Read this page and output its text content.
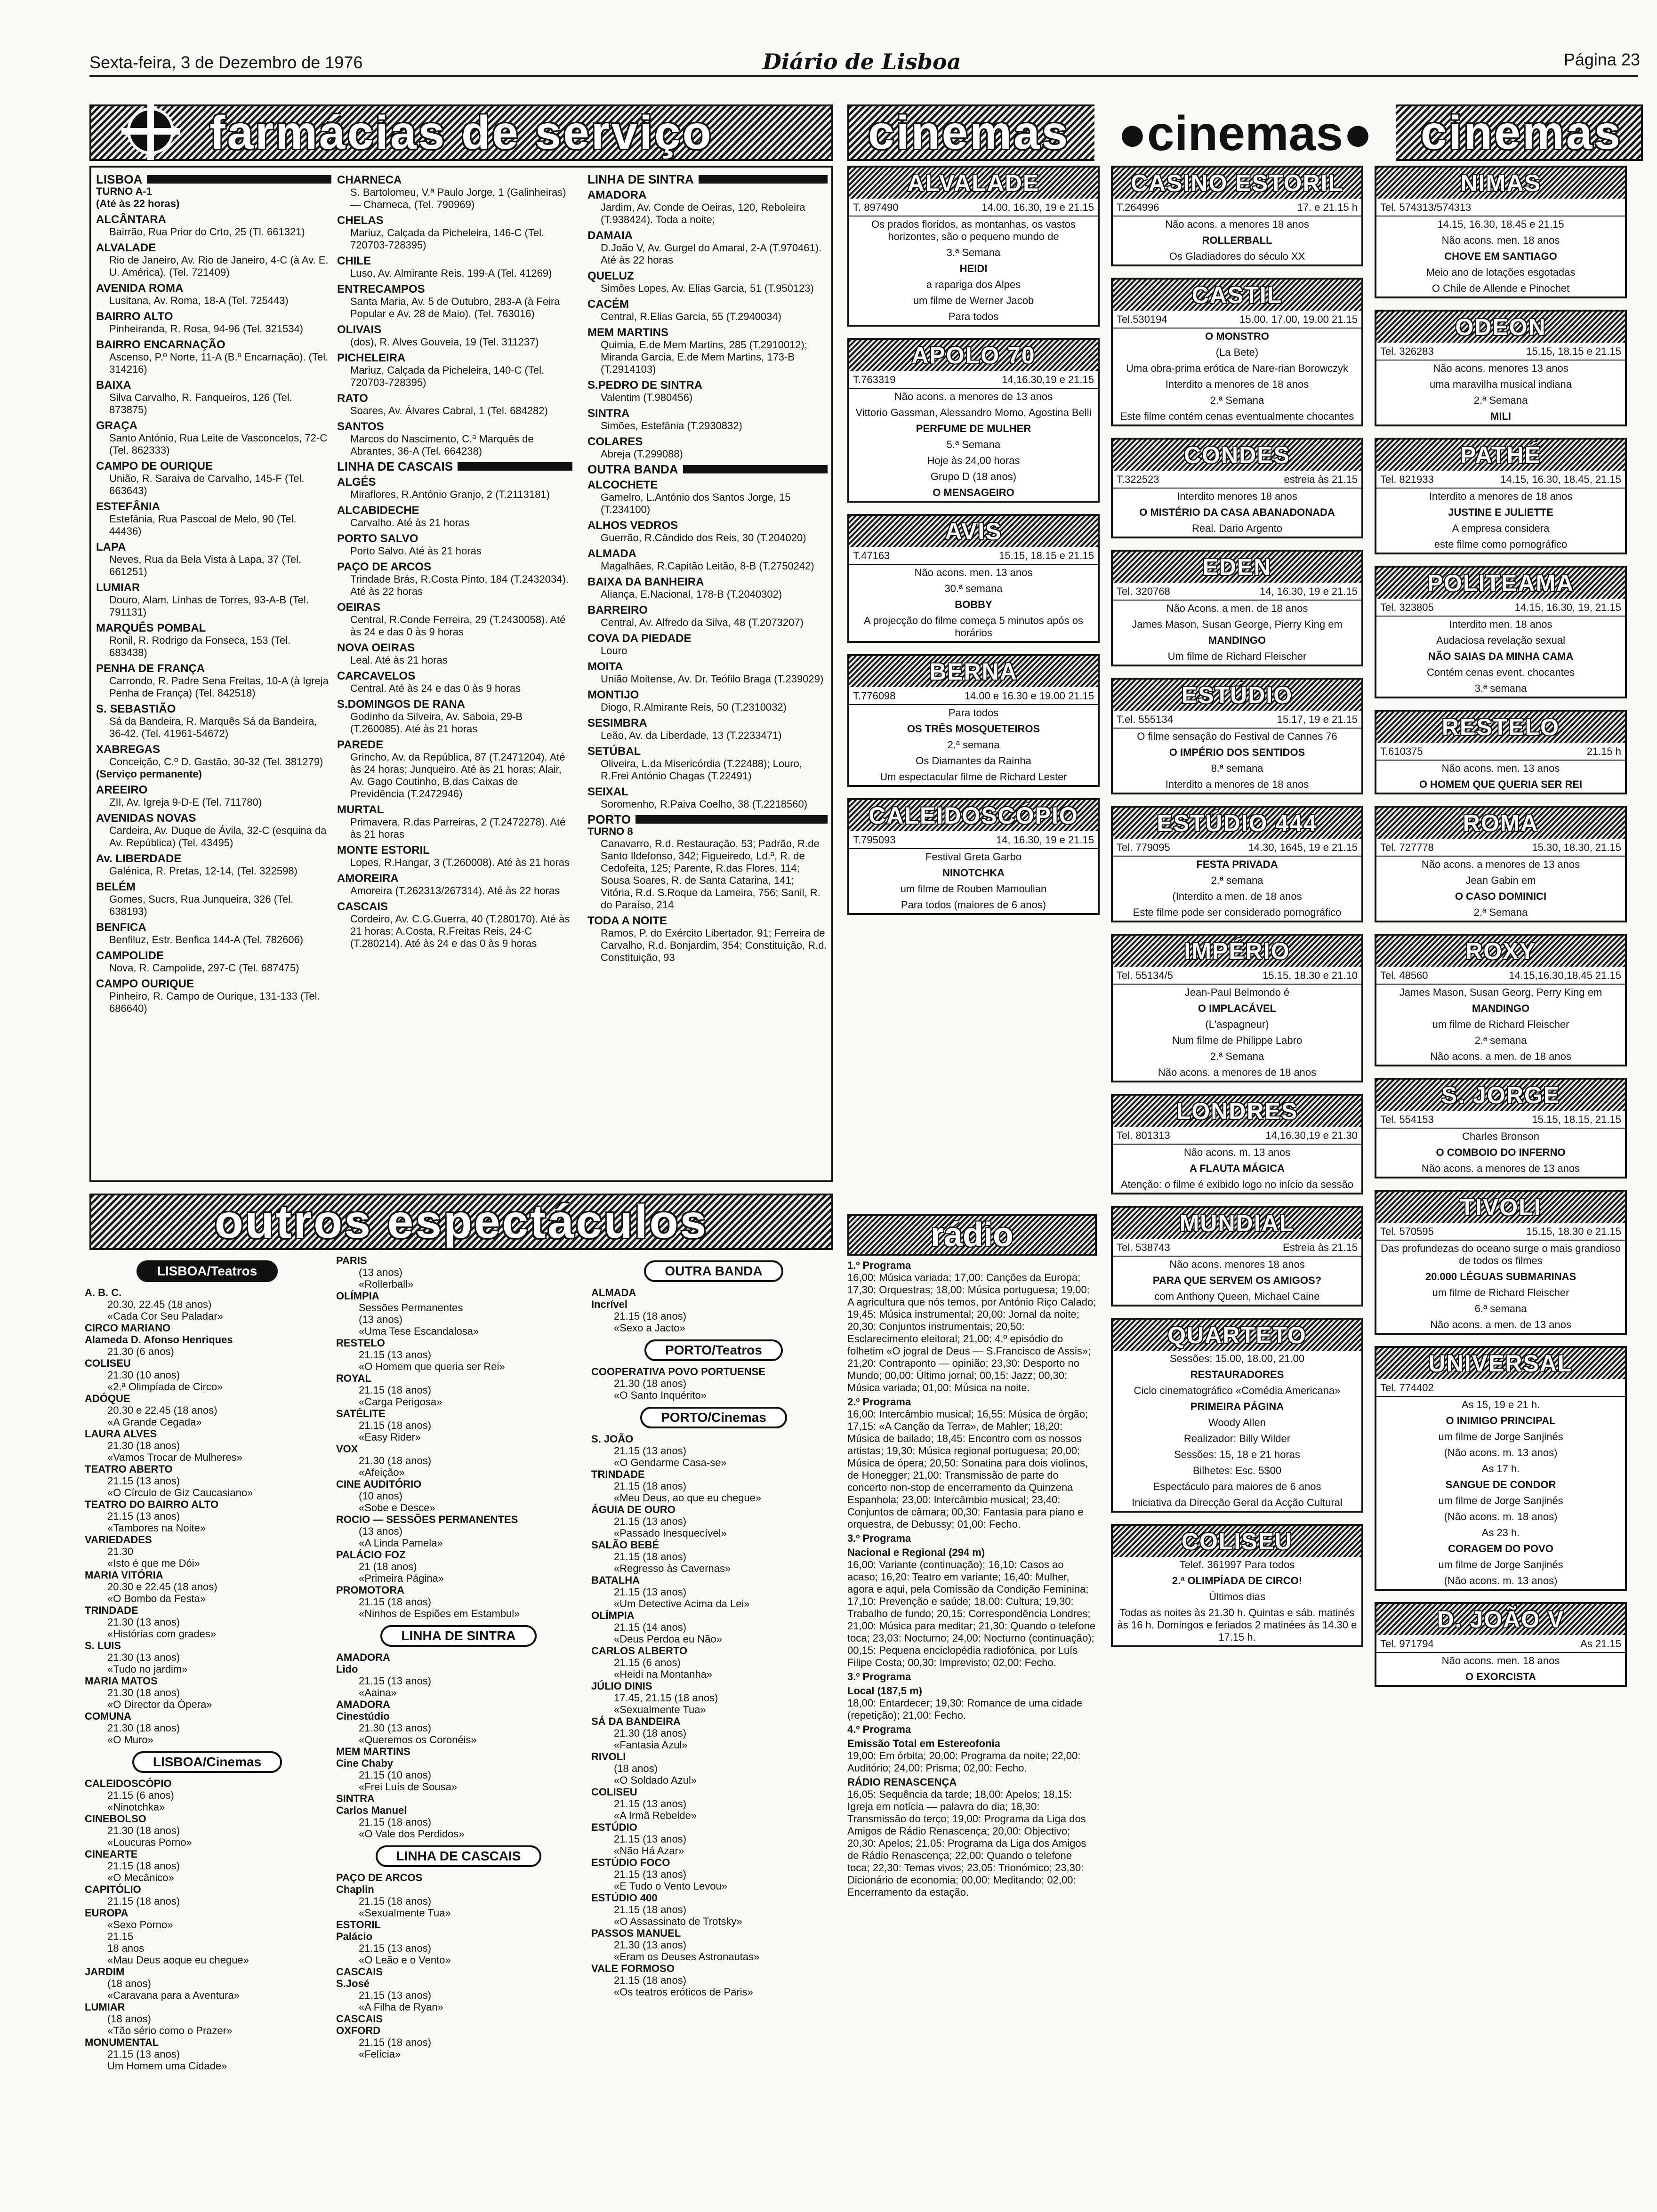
Sexta-feira, 3 de Dezembro de 1976	Diário de Lisboa	Página 23
farmácias de serviço
LISBOA

TURNO A-1

(Até às 22 horas)

ALCÂNTARA

Bairrão, Rua Prior do Crto, 25 (Tl. 661321)

ALVALADE

Rio de Janeiro, Av. Rio de Janeiro, 4-C (à Av. E. U. América). (Tel. 721409)

AVENIDA ROMA

Lusitana, Av. Roma, 18-A (Tel. 725443)

BAIRRO ALTO

Pinheiranda, R. Rosa, 94-96 (Tel. 321534)

BAIRRO ENCARNAÇÃO

Ascenso, P.º Norte, 11-A (B.º Encarnação). (Tel. 314216)

BAIXA

Silva Carvalho, R. Fanqueiros, 126 (Tel. 873875)

GRAÇA

Santo António, Rua Leite de Vasconcelos, 72-C (Tel. 862333)

CAMPO DE OURIQUE

União, R. Saraiva de Carvalho, 145-F (Tel. 663643)

ESTEFÂNIA

Estefânia, Rua Pascoal de Melo, 90 (Tel. 44436)

LAPA

Neves, Rua da Bela Vista à Lapa, 37 (Tel. 661251)

LUMIAR

Douro, Alam. Linhas de Torres, 93-A-B (Tel. 791131)

MARQUÊS POMBAL

Ronil, R. Rodrigo da Fonseca, 153 (Tel. 683438)

PENHA DE FRANÇA

Carrondo, R. Padre Sena Freitas, 10-A (à Igreja Penha de França) (Tel. 842518)

S. SEBASTIÃO

Sá da Bandeira, R. Marquês Sá da Bandeira, 36-42. (Tel. 41961-54672)

XABREGAS

Conceição, C.º D. Gastão, 30-32 (Tel. 381279)

(Serviço permanente)

AREEIRO

ZII, Av. Igreja 9-D-E (Tel. 711780)

AVENIDAS NOVAS

Cardeira, Av. Duque de Ávila, 32-C (esquina da Av. República) (Tel. 43495)

Av. LIBERDADE

Galénica, R. Pretas, 12-14, (Tel. 322598)

BELÉM

Gomes, Sucrs, Rua Junqueira, 326 (Tel. 638193)

BENFICA

Benfiluz, Estr. Benfica 144-A (Tel. 782606)

CAMPOLIDE

Nova, R. Campolide, 297-C (Tel. 687475)

CAMPO OURIQUE

Pinheiro, R. Campo de Ourique, 131-133 (Tel. 686640)

CHARNECA

S. Bartolomeu, V.ª Paulo Jorge, 1 (Galinheiras) — Charneca, (Tel. 790969)

CHELAS

Mariuz, Calçada da Picheleira, 146-C (Tel. 720703-728395)

CHILE

Luso, Av. Almirante Reis, 199-A (Tel. 41269)

ENTRECAMPOS

Santa Maria, Av. 5 de Outubro, 283-A (à Feira Popular e Av. 28 de Maio). (Tel. 763016)

OLIVAIS

(dos), R. Alves Gouveia, 19 (Tel. 311237)

PICHELEIRA

Mariuz, Calçada da Picheleira, 140-C (Tel. 720703-728395)

RATO

Soares, Av. Álvares Cabral, 1 (Tel. 684282)

SANTOS

Marcos do Nascimento, C.ª Marquês de Abrantes, 36-A (Tel. 664238)

LINHA DE CASCAIS
ALGÉS

Miraflores, R.António Granjo, 2 (T.2113181)

ALCABIDECHE

Carvalho. Até às 21 horas

PORTO SALVO

Porto Salvo. Até às 21 horas

PAÇO DE ARCOS

Trindade Brás, R.Costa Pinto, 184 (T.2432034). Até às 22 horas

OEIRAS

Central, R.Conde Ferreira, 29 (T.2430058). Até às 24 e das 0 às 9 horas

NOVA OEIRAS

Leal. Até às 21 horas

CARCAVELOS

Central. Até às 24 e das 0 às 9 horas

S.DOMINGOS DE RANA

Godinho da Silveira, Av. Saboia, 29-B (T.260085). Até às 21 horas

PAREDE

Grincho, Av. da República, 87 (T.2471204). Até às 24 horas; Junqueiro. Até às 21 horas; Alair, Av. Gago Coutinho, B.das Caixas de Previdência (T.2472946)

MURTAL

Primavera, R.das Parreiras, 2 (T.2472278). Até às 21 horas

MONTE ESTORIL

Lopes, R.Hangar, 3 (T.260008). Até às 21 horas

AMOREIRA

Amoreira (T.262313/267314). Até às 22 horas

CASCAIS

Cordeiro, Av. C.G.Guerra, 40 (T.280170). Até às 21 horas; A.Costa, R.Freitas Reis, 24-C (T.280214). Até às 24 e das 0 às 9 horas

LINHA DE SINTRA
AMADORA

Jardim, Av. Conde de Oeiras, 120, Reboleira (T.938424). Toda a noite;

DAMAIA

D.João V, Av. Gurgel do Amaral, 2-A (T.970461). Até às 22 horas

QUELUZ

Simões Lopes, Av. Elias Garcia, 51 (T.950123)

CACÉM

Central, R.Elias Garcia, 55 (T.2940034)

MEM MARTINS

Quimia, E.de Mem Martins, 285 (T.2910012); Miranda Garcia, E.de Mem Martins, 173-B (T.2914103)

S.PEDRO DE SINTRA

Valentim (T.980456)

SINTRA

Simões, Estefânia (T.2930832)

COLARES

Abreja (T.299088)

OUTRA BANDA
ALCOCHETE

Gamelro, L.António dos Santos Jorge, 15 (T.234100)

ALHOS VEDROS

Guerrão, R.Cândido dos Reis, 30 (T.204020)

ALMADA

Magalhães, R.Capitão Leitão, 8-B (T.2750242)

BAIXA DA BANHEIRA

Aliança, E.Nacional, 178-B (T.2040302)

BARREIRO

Central, Av. Alfredo da Silva, 48 (T.2073207)

COVA DA PIEDADE

Louro

MOITA

União Moitense, Av. Dr. Teófilo Braga (T.239029)

MONTIJO

Diogo, R.Almirante Reis, 50 (T.2310032)

SESIMBRA

Leão, Av. da Liberdade, 13 (T.2233471)

SETÚBAL

Oliveira, L.da Misericórdia (T.22488); Louro, R.Frei António Chagas (T.22491)

SEIXAL

Soromenho, R.Paiva Coelho, 38 (T.2218560)

PORTO

TURNO 8

Canavarro, R.d. Restauração, 53; Padrão, R.de Santo Ildefonso, 342; Figueiredo, Ld.ª, R. de Cedofeita, 125; Parente, R.das Flores, 114; Sousa Soares, R. de Santa Catarina, 141; Vitória, R.d. S.Roque da Lameira, 756; Sanil, R. do Paraíso, 214

TODA A NOITE

Ramos, P. do Exército Libertador, 91; Ferreira de Carvalho, R.d. Bonjardim, 354; Constituição, R.d. Constituição, 93

outros espectáculos
LISBOA/Teatros
A. B. C.
20.30, 22.45 (18 anos)
«Cada Cor Seu Paladar»
CIRCO MARIANO
Alameda D. Afonso Henriques
21.30 (6 anos)
COLISEU
21.30 (10 anos)
«2.ª Olimpíada de Circo»
ADÓQUE
20.30 e 22.45 (18 anos)
«A Grande Cegada»
LAURA ALVES
21.30 (18 anos)
«Vamos Trocar de Mulheres»
TEATRO ABERTO
21.15 (13 anos)
«O Círculo de Giz Caucasiano»
TEATRO DO BAIRRO ALTO
21.15 (13 anos)
«Tambores na Noite»
VARIEDADES
21.30
«Isto é que me Dói»
MARIA VITÓRIA
20.30 e 22.45 (18 anos)
«O Bombo da Festa»
TRINDADE
21.30 (13 anos)
«Histórias com grades»
S. LUIS
21.30 (13 anos)
«Tudo no jardim»
MARIA MATOS
21.30 (18 anos)
«O Director da Ópera»
COMUNA
21.30 (18 anos)
«O Muro»
LISBOA/Cinemas
CALEIDOSCÓPIO
21.15 (6 anos)
«Ninotchka»
CINEBOLSO
21.30 (18 anos)
«Loucuras Porno»
CINEARTE
21.15 (18 anos)
«O Mecânico»
CAPITÓLIO
21.15 (18 anos)
EUROPA
«Sexo Porno»
21.15
18 anos
«Mau Deus aoque eu chegue»
JARDIM
(18 anos)
«Caravana para a Aventura»
LUMIAR
(18 anos)
«Tão sério como o Prazer»
MONUMENTAL
21.15 (13 anos)
Um Homem uma Cidade»
PARIS
(13 anos)
«Rollerball»
OLÍMPIA
Sessões Permanentes
(13 anos)
«Uma Tese Escandalosa»
RESTELO
21.15 (13 anos)
«O Homem que queria ser Rei»
ROYAL
21.15 (18 anos)
«Carga Perigosa»
SATÉLITE
21.15 (18 anos)
«Easy Rider»
VOX
21.30 (18 anos)
«Afeição»
CINE AUDITÓRIO
(10 anos)
«Sobe e Desce»
ROCIO — SESSÕES PERMANENTES
(13 anos)
«A Linda Pamela»
PALÁCIO FOZ
21 (18 anos)
«Primeira Página»
PROMOTORA
21.15 (18 anos)
«Ninhos de Espiões em Estambul»
LINHA DE SINTRA
AMADORA
Lido
21.15 (13 anos)
«Aaina»
AMADORA
Cinestúdio
21.30 (13 anos)
«Queremos os Coronéis»
MEM MARTINS
Cine Chaby
21.15 (10 anos)
«Frei Luís de Sousa»
SINTRA
Carlos Manuel
21.15 (18 anos)
«O Vale dos Perdidos»
LINHA DE CASCAIS
PAÇO DE ARCOS
Chaplin
21.15 (18 anos)
«Sexualmente Tua»
ESTORIL
Palácio
21.15 (13 anos)
«O Leão e o Vento»
CASCAIS
S.José
21.15 (13 anos)
«A Filha de Ryan»
CASCAIS
OXFORD
21.15 (18 anos)
«Felícia»
OUTRA BANDA
ALMADA
Incrível
21.15 (18 anos)
«Sexo a Jacto»
PORTO/Teatros
COOPERATIVA POVO PORTUENSE
21.30 (18 anos)
«O Santo Inquérito»
PORTO/Cinemas
S. JOÃO
21.15 (13 anos)
«O Gendarme Casa-se»
TRINDADE
21.15 (18 anos)
«Meu Deus, ao que eu chegue»
ÁGUIA DE OURO
21.15 (13 anos)
«Passado Inesquecível»
SALÃO BEBÉ
21.15 (18 anos)
«Regresso às Cavernas»
BATALHA
21.15 (13 anos)
«Um Detective Acima da Lei»
OLÍMPIA
21.15 (14 anos)
«Deus Perdoa eu Não»
CARLOS ALBERTO
21.15 (6 anos)
«Heidi na Montanha»
JÚLIO DINIS
17.45, 21.15 (18 anos)
«Sexualmente Tua»
SÁ DA BANDEIRA
21.30 (18 anos)
«Fantasia Azul»
RIVOLI
(18 anos)
«O Soldado Azul»
COLISEU
21.15 (13 anos)
«A Irmã Rebelde»
ESTÚDIO
21.15 (13 anos)
«Não Há Azar»
ESTÚDIO FOCO
21.15 (13 anos)
«E Tudo o Vento Levou»
ESTÚDIO 400
21.15 (18 anos)
«O Assassinato de Trotsky»
PASSOS MANUEL
21.30 (13 anos)
«Eram os Deuses Astronautas»
VALE FORMOSO
21.15 (18 anos)
«Os teatros eróticos de Paris»
cinemas	cinemas
●cinemas●
ALVALADE
T. 897490	14.00, 16.30, 19 e 21.15
Os prados floridos, as montanhas, os vastos horizontes, são o pequeno mundo de
3.ª Semana
HEIDI
a rapariga dos Alpes
um filme de Werner Jacob
Para todos
APOLO 70
T.763319	14,16.30,19 e 21.15
Não acons. a menores de 13 anos
Vittorio Gassman, Alessandro Momo, Agostina Belli
PERFUME DE MULHER
5.ª Semana
Hoje às 24,00 horas
Grupo D (18 anos)
O MENSAGEIRO
AVIS
T.47163	15.15, 18.15 e 21.15
Não acons. men. 13 anos
30.ª semana
BOBBY
A projecção do filme começa 5 minutos após os horários
BERNA
T.776098	14.00 e 16.30 e 19.00 21.15
Para todos
OS TRÊS MOSQUETEIROS
2.ª semana
Os Diamantes da Rainha
Um espectacular filme de Richard Lester
CALEIDOSCÓPIO
T.795093	14, 16.30, 19 e 21.15
Festival Greta Garbo
NINOTCHKA
um filme de Rouben Mamoulian
Para todos (maiores de 6 anos)
CASINO ESTORIL
T.264996	17. e 21.15 h
Não acons. a menores 18 anos
ROLLERBALL
Os Gladiadores do século XX
CASTIL
Tel.530194	15.00, 17.00, 19.00 21.15
O MONSTRO
(La Bete)
Uma obra-prima erótica de Nare-rian Borowczyk
Interdito a menores de 18 anos
2.ª Semana
Este filme contém cenas eventualmente chocantes
CONDES
T.322523	estreia às 21.15
Interdito menores 18 anos
O MISTÉRIO DA CASA ABANADONADA
Real. Dario Argento
EDEN
Tel. 320768	14, 16.30, 19 e 21.15
Não Acons. a men. de 18 anos
James Mason, Susan George, Pierry King em
MANDINGO
Um filme de Richard Fleischer
ESTÚDIO
T.el. 555134	15.17, 19 e 21.15
O filme sensação do Festival de Cannes 76
O IMPÉRIO DOS SENTIDOS
8.ª semana
Interdito a menores de 18 anos
ESTÚDIO 444
Tel. 779095	14.30, 1645, 19 e 21.15
FESTA PRIVADA
2.ª semana
(Interdito a men. de 18 anos
Este filme pode ser considerado pornográfico
IMPÉRIO
Tel. 55134/5	15.15, 18.30 e 21.10
Jean-Paul Belmondo é
O IMPLACÁVEL
(L'aspagneur)
Num filme de Philippe Labro
2.ª Semana
Não acons. a menores de 18 anos
LONDRES
Tel. 801313	14,16.30,19 e 21.30
Não acons. m. 13 anos
A FLAUTA MÁGICA
Atenção: o filme é exibido logo no início da sessão
MUNDIAL
Tel. 538743	Estreia às 21.15
Não acons. menores 18 anos
PARA QUE SERVEM OS AMIGOS?
com Anthony Queen, Michael Caine
QUARTETO
Sessões: 15.00, 18.00, 21.00
RESTAURADORES
Ciclo cinematográfico «Comédia Americana»
PRIMEIRA PÁGINA
Woody Allen
Realizador: Billy Wilder
Sessões: 15, 18 e 21 horas
Bilhetes: Esc. 5$00
Espectáculo para maiores de 6 anos
Iniciativa da Direcção Geral da Acção Cultural
COLISEU
Telef. 361997 Para todos
2.ª OLIMPÍADA DE CIRCO!
Últimos dias
Todas as noites às 21.30 h. Quintas e sáb. matinés às 16 h. Domingos e feriados 2 matinées às 14.30 e 17.15 h.
NIMAS
Tel. 574313/574313
14.15, 16.30, 18.45 e 21.15
Não acons. men. 18 anos
CHOVE EM SANTIAGO
Meio ano de lotações esgotadas
O Chile de Allende e Pinochet
ODEON
Tel. 326283	15.15, 18.15 e 21.15
Não acons. menores 13 anos
uma maravilha musical indiana
2.ª Semana
MILI
PATHÉ
Tel. 821933	14.15, 16.30, 18.45, 21.15
Interdito a menores de 18 anos
JUSTINE E JULIETTE
A empresa considera
este filme como pornográfico
POLITEAMA
Tel. 323805	14.15, 16.30, 19, 21.15
Interdito men. 18 anos
Audaciosa revelação sexual
NÃO SAIAS DA MINHA CAMA
Contém cenas event. chocantes
3.ª semana
RESTELO
T.610375	21.15 h
Não acons. men. 13 anos
O HOMEM QUE QUERIA SER REI
ROMA
Tel. 727778	15.30, 18.30, 21.15
Não acons. a menores de 13 anos
Jean Gabin em
O CASO DOMINICI
2.ª Semana
ROXY
Tel. 48560	14.15,16.30,18.45 21.15
James Mason, Susan Georg, Perry King em
MANDINGO
um filme de Richard Fleischer
2.ª semana
Não acons. a men. de 18 anos
S. JORGE
Tel. 554153	15.15, 18.15, 21.15
Charles Bronson
O COMBOIO DO INFERNO
Não acons. a menores de 13 anos
TIVOLI
Tel. 570595	15.15, 18.30 e 21.15
Das profundezas do oceano surge o mais grandioso de todos os filmes
20.000 LÉGUAS SUBMARINAS
um filme de Richard Fleischer
6.ª semana
Não acons. a men. de 13 anos
UNIVERSAL
Tel. 774402
As 15, 19 e 21 h.
O INIMIGO PRINCIPAL
um filme de Jorge Sanjinés
(Não acons. m. 13 anos)
As 17 h.
SANGUE DE CONDOR
um filme de Jorge Sanjinés
(Não acons. m. 18 anos)
As 23 h.
CORAGEM DO POVO
um filme de Jorge Sanjinés
(Não acons. m. 13 anos)
D. JOÃO V
Tel. 971794	As 21.15
Não acons. men. 18 anos
O EXORCISTA
rádio
1.º Programa
16,00: Música variada; 17,00: Canções da Europa; 17,30: Orquestras; 18,00: Música portuguesa; 19,00: A agricultura que nós temos, por António Riço Calado; 19,45: Música instrumental; 20,00: Jornal da noite; 20,30: Conjuntos instrumentais; 20,50: Esclarecimento eleitoral; 21,00: 4.º episódio do folhetim «O jogral de Deus — S.Francisco de Assis»; 21,20: Contraponto — opinião; 23,30: Desporto no Mundo; 00,00: Último jornal; 00,15: Jazz; 00,30: Música variada; 01,00: Música na noite.
2.º Programa
16,00: Intercâmbio musical; 16,55: Música de órgão; 17,15: «A Canção da Terra», de Mahler; 18,20: Música de bailado; 18,45: Encontro com os nossos artistas; 19,30: Música regional portuguesa; 20,00: Música de ópera; 20,50: Sonatina para dois violinos, de Honegger; 21,00: Transmissão de parte do concerto non-stop de encerramento da Quinzena Espanhola; 23,00: Intercâmbio musical; 23,40: Conjuntos de câmara; 00,30: Fantasia para piano e orquestra, de Debussy; 01,00: Fecho.
3.º Programa
Nacional e Regional (294 m)
16,00: Variante (continuação); 16,10: Casos ao acaso; 16,20: Teatro em variante; 16,40: Mulher, agora e aqui, pela Comissão da Condição Feminina; 17,10: Prevenção e saúde; 18,00: Cultura; 19,30: Trabalho de fundo; 20,15: Correspondência Londres; 21,00: Música para meditar; 21,30: Quando o telefone toca; 23,03: Nocturno; 24,00: Nocturno (continuação); 00,15: Pequena enciclopédia radiofónica, por Luís Filipe Costa; 00,30: Imprevisto; 02,00: Fecho.
3.º Programa
Local (187,5 m)
18,00: Entardecer; 19,30: Romance de uma cidade (repetição); 21,00: Fecho.
4.º Programa
Emissão Total em Estereofonia
19,00: Em órbita; 20,00: Programa da noite; 22,00: Auditório; 24,00: Prisma; 02,00: Fecho.
RÁDIO RENASCENÇA
16,05: Sequência da tarde; 18,00: Apelos; 18,15: Igreja em notícia — palavra do dia; 18,30: Transmissão do terço; 19,00: Programa da Liga dos Amigos de Rádio Renascença; 20,00: Objectivo; 20,30: Apelos; 21,05: Programa da Liga dos Amigos de Rádio Renascença; 22,00: Quando o telefone toca; 22,30: Temas vivos; 23,05: Trionómico; 23,30: Dicionário de economia; 00,00: Meditando; 02,00: Encerramento da estação.
